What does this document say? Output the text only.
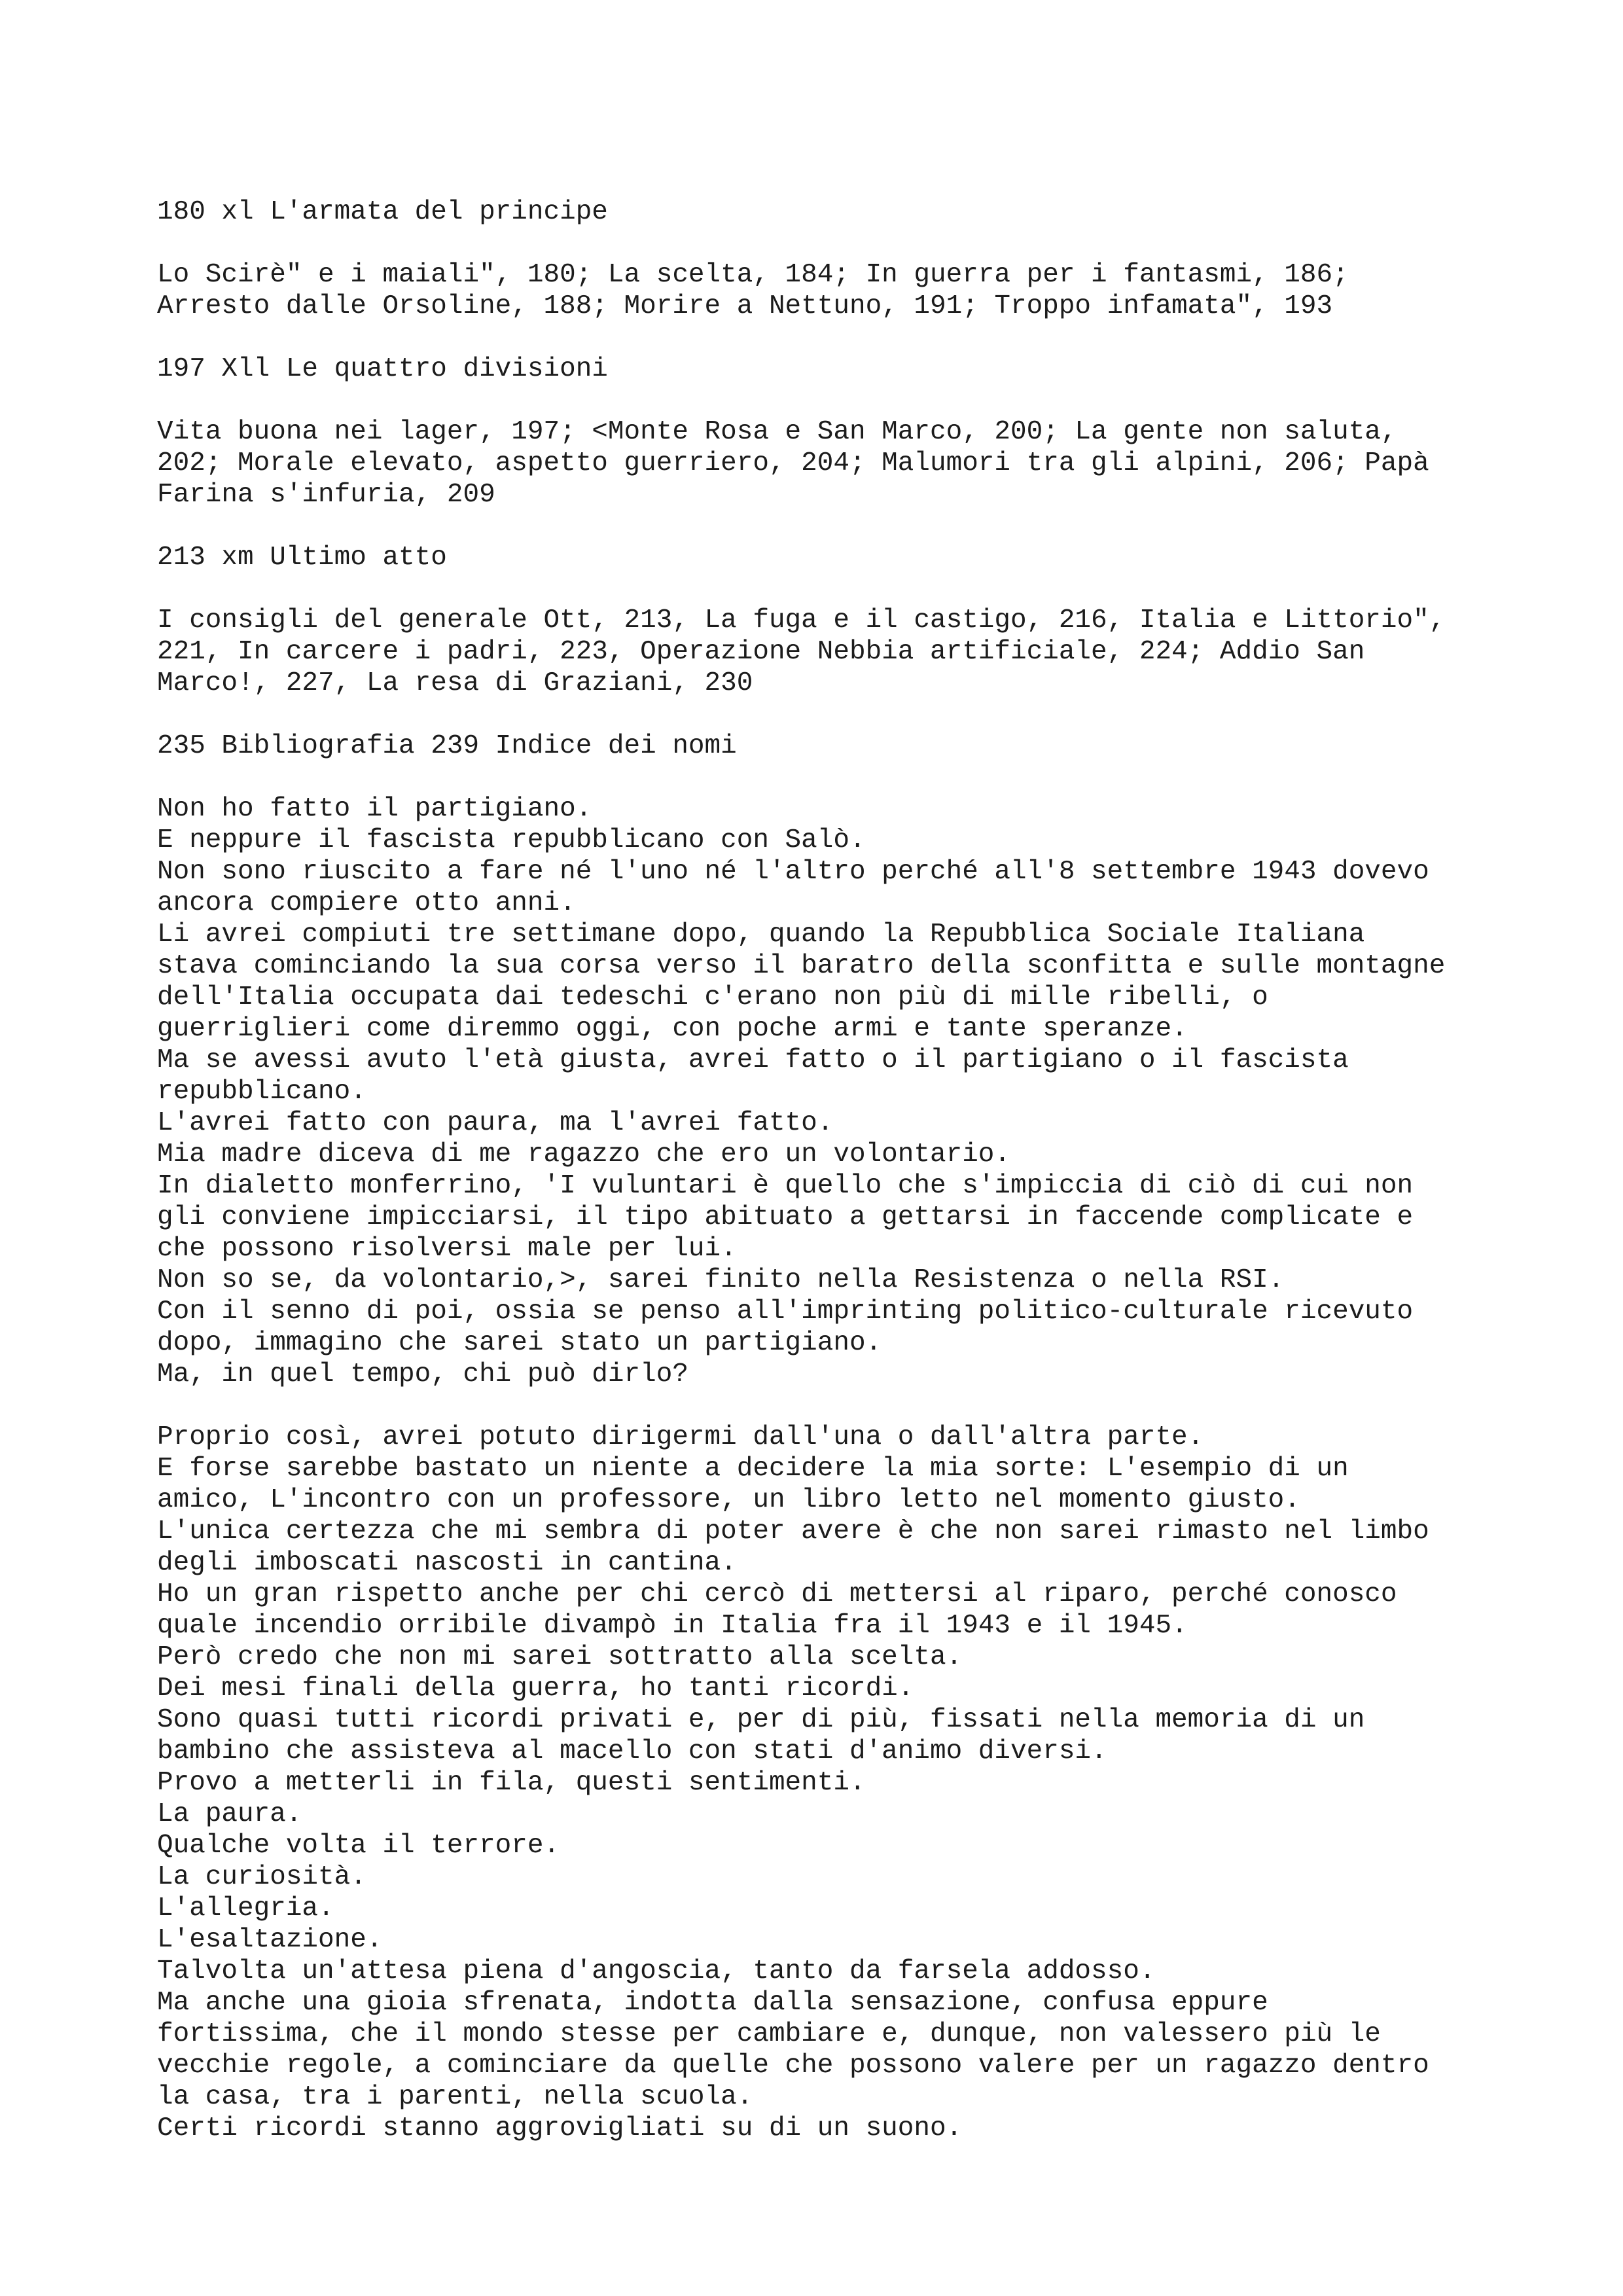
180 xl L'armata del principe

Lo Scirè" e i maiali", 180; La scelta, 184; In guerra per i fantasmi, 186; Arresto dalle Orsoline, 188; Morire a Nettuno, 191; Troppo infamata", 193

197 Xll Le quattro divisioni

Vita buona nei lager, 197; <Monte Rosa e San Marco, 200; La gente non saluta, 202; Morale elevato, aspetto guerriero, 204; Malumori tra gli alpini, 206; Papà Farina s'infuria, 209

213 xm Ultimo atto

I consigli del generale Ott, 213, La fuga e il castigo, 216, Italia e Littorio", 221, In carcere i padri, 223, Operazione Nebbia artificiale, 224; Addio San Marco!, 227, La resa di Graziani, 230

235 Bibliografia 239 Indice dei nomi

Non ho fatto il partigiano.

E neppure il fascista repubblicano con Salò.

Non sono riuscito a fare né l'uno né l'altro perché all'8 settembre 1943 dovevo ancora compiere otto anni.

Li avrei compiuti tre settimane dopo, quando la Repubblica Sociale Italiana stava cominciando la sua corsa verso il baratro della sconfitta e sulle montagne dell'Italia occupata dai tedeschi c'erano non più di mille ribelli, o guerriglieri come diremmo oggi, con poche armi e tante speranze.

Ma se avessi avuto l'età giusta, avrei fatto o il partigiano o il fascista repubblicano.

L'avrei fatto con paura, ma l'avrei fatto.

Mia madre diceva di me ragazzo che ero un volontario.

In dialetto monferrino, 'I vuluntari è quello che s'impiccia di ciò di cui non gli conviene impicciarsi, il tipo abituato a gettarsi in faccende complicate e che possono risolversi male per lui.

Non so se, da volontario,>, sarei finito nella Resistenza o nella RSI.

Con il senno di poi, ossia se penso all'imprinting politico-culturale ricevuto dopo, immagino che sarei stato un partigiano.

Ma, in quel tempo, chi può dirlo?

Proprio così, avrei potuto dirigermi dall'una o dall'altra parte.

E forse sarebbe bastato un niente a decidere la mia sorte: L'esempio di un amico, L'incontro con un professore, un libro letto nel momento giusto.

L'unica certezza che mi sembra di poter avere è che non sarei rimasto nel limbo degli imboscati nascosti in cantina.

Ho un gran rispetto anche per chi cercò di mettersi al riparo, perché conosco quale incendio orribile divampò in Italia fra il 1943 e il 1945.

Però credo che non mi sarei sottratto alla scelta.

Dei mesi finali della guerra, ho tanti ricordi.

Sono quasi tutti ricordi privati e, per di più, fissati nella memoria di un bambino che assisteva al macello con stati d'animo diversi.

Provo a metterli in fila, questi sentimenti.

La paura.

Qualche volta il terrore.

La curiosità.

L'allegria.

L'esaltazione.

Talvolta un'attesa piena d'angoscia, tanto da farsela addosso.

Ma anche una gioia sfrenata, indotta dalla sensazione, confusa eppure fortissima, che il mondo stesse per cambiare e, dunque, non valessero più le vecchie regole, a cominciare da quelle che possono valere per un ragazzo dentro la casa, tra i parenti, nella scuola.

Certi ricordi stanno aggrovigliati su di un suono.
